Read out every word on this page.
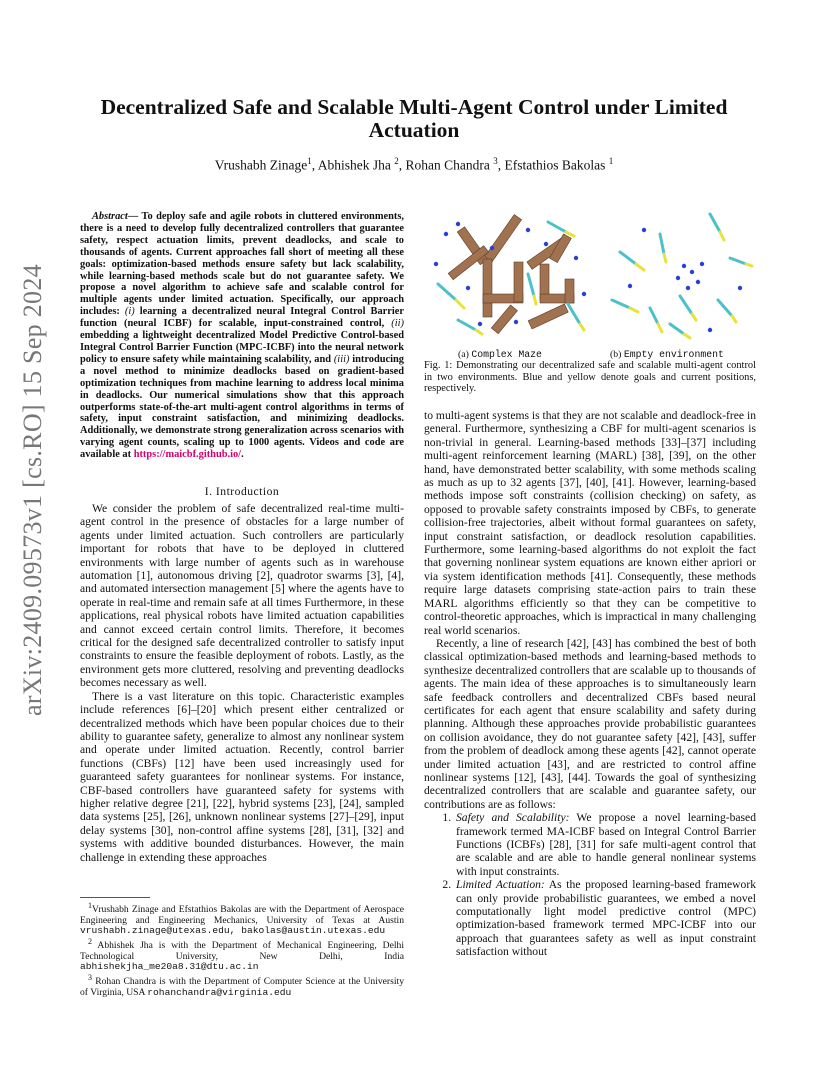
arXiv:2409.09573v1 [cs.RO] 15 Sep 2024
Decentralized Safe and Scalable Multi-Agent Control under Limited Actuation
Vrushabh Zinage$^1$, Abhishek Jha $^2$, Rohan Chandra $^3$, Efstathios Bakolas $^1$
Abstract— To deploy safe and agile robots in cluttered environments, there is a need to develop fully decentralized controllers that guarantee safety, respect actuation limits, prevent deadlocks, and scale to thousands of agents. Current approaches fall short of meeting all these goals: optimization-based methods ensure safety but lack scalability, while learning-based methods scale but do not guarantee safety. We propose a novel algorithm to achieve safe and scalable control for multiple agents under limited actuation. Specifically, our approach includes: (i) learning a decentralized neural Integral Control Barrier function (neural ICBF) for scalable, input-constrained control, (ii) embedding a lightweight decentralized Model Predictive Control-based Integral Control Barrier Function (MPC-ICBF) into the neural network policy to ensure safety while maintaining scalability, and (iii) introducing a novel method to minimize deadlocks based on gradient-based optimization techniques from machine learning to address local minima in deadlocks. Our numerical simulations show that this approach outperforms state-of-the-art multi-agent control algorithms in terms of safety, input constraint satisfaction, and minimizing deadlocks. Additionally, we demonstrate strong generalization across scenarios with varying agent counts, scaling up to 1000 agents. Videos and code are available at https://maicbf.github.io/.
I. Introduction

We consider the problem of safe decentralized real-time multi-agent control in the presence of obstacles for a large number of agents under limited actuation. Such controllers are particularly important for robots that have to be deployed in cluttered environments with large number of agents such as in warehouse automation [1], autonomous driving [2], quadrotor swarms [3], [4], and automated intersection management [5] where the agents have to operate in real-time and remain safe at all times Furthermore, in these applications, real physical robots have limited actuation capabilities and cannot exceed certain control limits. Therefore, it becomes critical for the designed safe decentralized controller to satisfy input constraints to ensure the feasible deployment of robots. Lastly, as the environment gets more cluttered, resolving and preventing deadlocks becomes necessary as well.

There is a vast literature on this topic. Characteristic examples include references [6]–[20] which present either centralized or decentralized methods which have been popular choices due to their ability to guarantee safety, generalize to almost any nonlinear system and operate under limited actuation. Recently, control barrier functions (CBFs) [12] have been used increasingly used for guaranteed safety guarantees for nonlinear systems. For instance, CBF-based controllers have guaranteed safety for systems with higher relative degree [21], [22], hybrid systems [23], [24], sampled data systems [25], [26], unknown nonlinear systems [27]–[29], input delay systems [30], non-control affine systems [28], [31], [32] and systems with additive bounded disturbances. However, the main challenge in extending these approaches

$^1$Vrushabh Zinage and Efstathios Bakolas are with the Department of Aerospace Engineering and Engineering Mechanics, University of Texas at Austin vrushabh.zinage@utexas.edu, bakolas@austin.utexas.edu
$^2$ Abhishek Jha is with the Department of Mechanical Engineering, Delhi Technological University, New Delhi, India abhishekjha_me20a8.31@dtu.ac.in
$^3$ Rohan Chandra is with the Department of Computer Science at the University of Virginia, USA rohanchandra@virginia.edu
(a) Complex Maze	(b) Empty environment
Fig. 1: Demonstrating our decentralized safe and scalable multi-agent control in two environments. Blue and yellow denote goals and current positions, respectively.

to multi-agent systems is that they are not scalable and deadlock-free in general. Furthermore, synthesizing a CBF for multi-agent scenarios is non-trivial in general. Learning-based methods [33]–[37] including multi-agent reinforcement learning (MARL) [38], [39], on the other hand, have demonstrated better scalability, with some methods scaling as much as up to 32 agents [37], [40], [41]. However, learning-based methods impose soft constraints (collision checking) on safety, as opposed to provable safety constraints imposed by CBFs, to generate collision-free trajectories, albeit without formal guarantees on safety, input constraint satisfaction, or deadlock resolution capabilities. Furthermore, some learning-based algorithms do not exploit the fact that governing nonlinear system equations are known either apriori or via system identification methods [41]. Consequently, these methods require large datasets comprising state-action pairs to train these MARL algorithms efficiently so that they can be competitive to control-theoretic approaches, which is impractical in many challenging real world scenarios.

Recently, a line of research [42], [43] has combined the best of both classical optimization-based methods and learning-based methods to synthesize decentralized controllers that are scalable up to thousands of agents. The main idea of these approaches is to simultaneously learn safe feedback controllers and decentralized CBFs based neural certificates for each agent that ensure scalability and safety during planning. Although these approaches provide probabilistic guarantees on collision avoidance, they do not guarantee safety [42], [43], suffer from the problem of deadlock among these agents [42], cannot operate under limited actuation [43], and are restricted to control affine nonlinear systems [12], [43], [44]. Towards the goal of synthesizing decentralized controllers that are scalable and guarantee safety, our contributions are as follows:

1. Safety and Scalability: We propose a novel learning-based framework termed MA-ICBF based on Integral Control Barrier Functions (ICBFs) [28], [31] for safe multi-agent control that are scalable and are able to handle general nonlinear systems with input constraints.
2. Limited Actuation: As the proposed learning-based framework can only provide probabilistic guarantees, we embed a novel computationally light model predictive control (MPC) optimization-based framework termed MPC-ICBF into our approach that guarantees safety as well as input constraint satisfaction without
